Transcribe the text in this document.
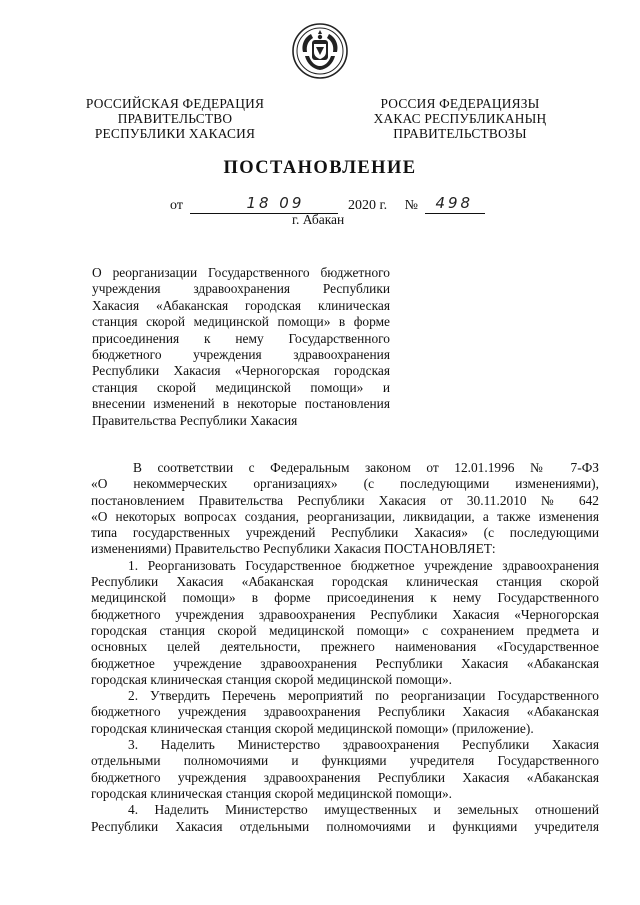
РОССИЙСКАЯ ФЕДЕРАЦИЯ
ПРАВИТЕЛЬСТВО
РЕСПУБЛИКИ ХАКАСИЯ
РОССИЯ ФЕДЕРАЦИЯЗЫ
ХАКАС РЕСПУБЛИКАНЫҢ
ПРАВИТЕЛЬСТВОЗЫ
ПОСТАНОВЛЕНИЕ
от	18 09	2020 г. № 498
г. Абакан
О реорганизации Государственного бюджетного
учреждения здравоохранения Республики
Хакасия «Абаканская городская клиническая
станция скорой медицинской помощи» в форме
присоединения к нему Государственного
бюджетного учреждения здравоохранения
Республики Хакасия «Черногорская городская
станция скорой медицинской помощи» и
внесении изменений в некоторые постановления
Правительства Республики Хакасия
В соответствии с Федеральным законом от 12.01.1996 № 7-ФЗ
«О некоммерческих организациях» (с последующими изменениями),
постановлением Правительства Республики Хакасия от 30.11.2010 № 642
«О некоторых вопросах создания, реорганизации, ликвидации, а также изменения
типа государственных учреждений Республики Хакасия» (с последующими
изменениями) Правительство Республики Хакасия ПОСТАНОВЛЯЕТ:
1. Реорганизовать Государственное бюджетное учреждение здравоохранения
Республики Хакасия «Абаканская городская клиническая станция скорой
медицинской помощи» в форме присоединения к нему Государственного
бюджетного учреждения здравоохранения Республики Хакасия «Черногорская
городская станция скорой медицинской помощи» с сохранением предмета и
основных целей деятельности, прежнего наименования «Государственное
бюджетное учреждение здравоохранения Республики Хакасия «Абаканская
городская клиническая станция скорой медицинской помощи».
2. Утвердить Перечень мероприятий по реорганизации Государственного
бюджетного учреждения здравоохранения Республики Хакасия «Абаканская
городская клиническая станция скорой медицинской помощи» (приложение).
3. Наделить Министерство здравоохранения Республики Хакасия
отдельными полномочиями и функциями учредителя Государственного
бюджетного учреждения здравоохранения Республики Хакасия «Абаканская
городская клиническая станция скорой медицинской помощи».
4. Наделить Министерство имущественных и земельных отношений
Республики Хакасия отдельными полномочиями и функциями учредителя
